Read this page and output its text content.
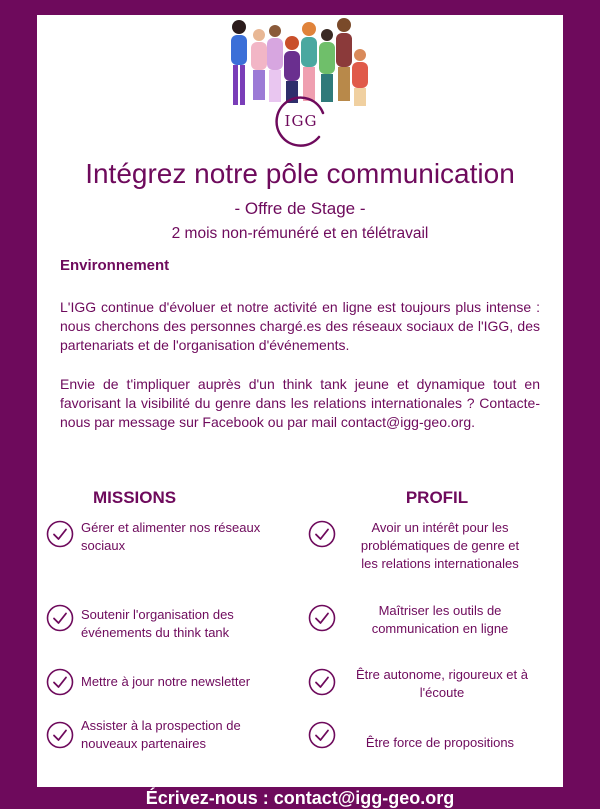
IGG
Intégrez notre pôle communication
- Offre de Stage -
2 mois non-rémunéré et en télétravail
Environnement

L'IGG continue d'évoluer et notre activité en ligne est toujours plus intense : nous cherchons des personnes chargé.es des réseaux sociaux de l'IGG, des partenariats et de l'organisation d'événements.

Envie de t'impliquer auprès d'un think tank jeune et dynamique tout en favorisant la visibilité du genre dans les relations internationales ? Contacte-nous par message sur Facebook ou par mail contact@igg-geo.org.

MISSIONS	PROFIL

Gérer et alimenter nos réseaux sociaux

Soutenir l'organisation des événements du think tank

Mettre à jour notre newsletter

Assister à la prospection de nouveaux partenaires

Avoir un intérêt pour les problématiques de genre et les relations internationales

Maîtriser les outils de communication en ligne

Être autonome, rigoureux et à l'écoute

Être force de propositions

Écrivez-nous : contact@igg-geo.org
